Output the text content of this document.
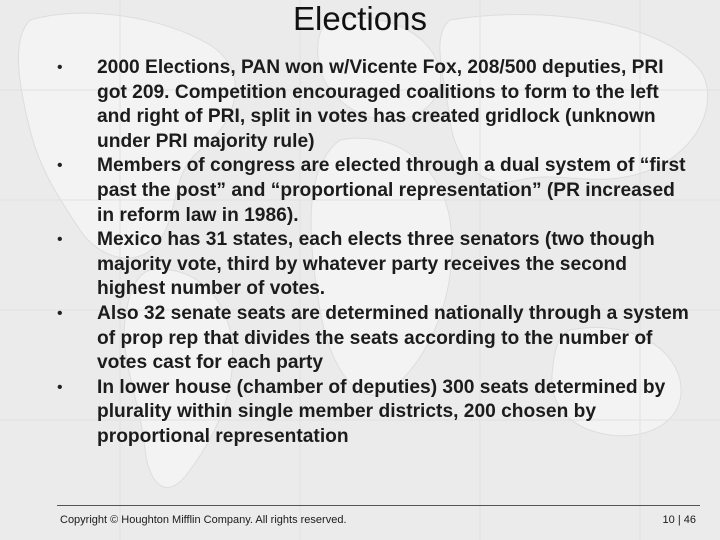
Elections
•	2000 Elections, PAN won w/Vicente Fox, 208/500 deputies, PRI got 209. Competition encouraged coalitions to form to the left and right of PRI, split in votes has created gridlock (unknown under PRI majority rule)
•	Members of congress are elected through a dual system of “first past the post” and “proportional representation” (PR increased in reform law in 1986).
•	Mexico has 31 states, each elects three senators (two though majority vote, third by whatever party receives the second highest number of votes.
•	Also 32 senate seats are determined nationally through a system of prop rep that divides the seats according to the number of votes cast for each party
•	In lower house (chamber of deputies) 300 seats determined by plurality within single member districts, 200 chosen by proportional representation
Copyright © Houghton Mifflin Company. All rights reserved.	10 | 46
